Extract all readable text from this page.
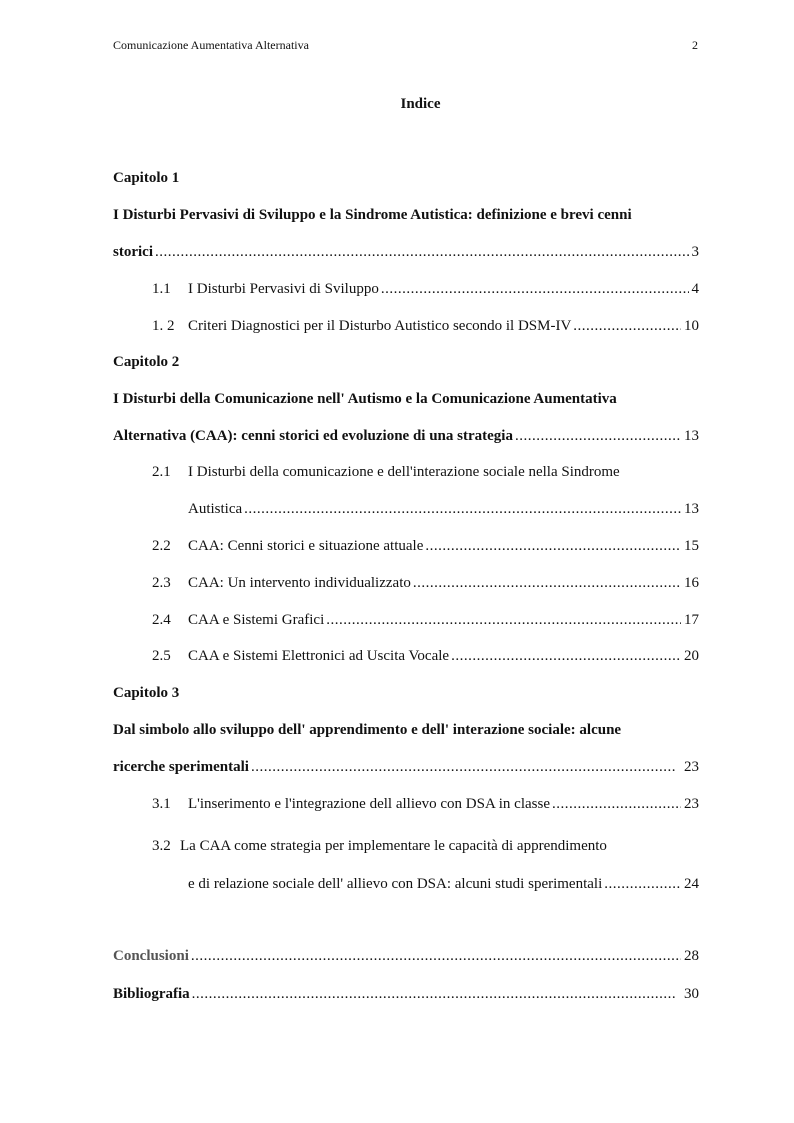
Comunicazione Aumentativa Alternativa	2
Indice
Capitolo 1
I Disturbi Pervasivi di Sviluppo e la Sindrome Autistica: definizione e brevi cenni
storici .....	3
1.1	I Disturbi Pervasivi di Sviluppo .....	4
1. 2 Criteri Diagnostici per il Disturbo Autistico secondo il DSM-IV .....	10
Capitolo 2
I Disturbi della Comunicazione nell' Autismo e la Comunicazione Aumentativa
Alternativa (CAA): cenni storici ed evoluzione di una strategia .....	13
2.1	I Disturbi della comunicazione e dell'interazione sociale nella Sindrome
Autistica .....	13
2.2	CAA: Cenni storici e situazione attuale .....	15
2.3	CAA: Un intervento individualizzato .....	16
2.4	CAA e Sistemi Grafici .....	17
2.5	CAA e Sistemi Elettronici ad Uscita Vocale .....	20
Capitolo 3
Dal simbolo allo sviluppo dell' apprendimento e dell' interazione sociale: alcune
ricerche sperimentali .....	23
3.1	L'inserimento e l'integrazione dell allievo con DSA in classe .....	23
3.2 La CAA come strategia per implementare le capacità di apprendimento
e di relazione sociale dell' allievo con DSA: alcuni studi sperimentali .....	24
Conclusioni .....	28
Bibliografia .....	30
